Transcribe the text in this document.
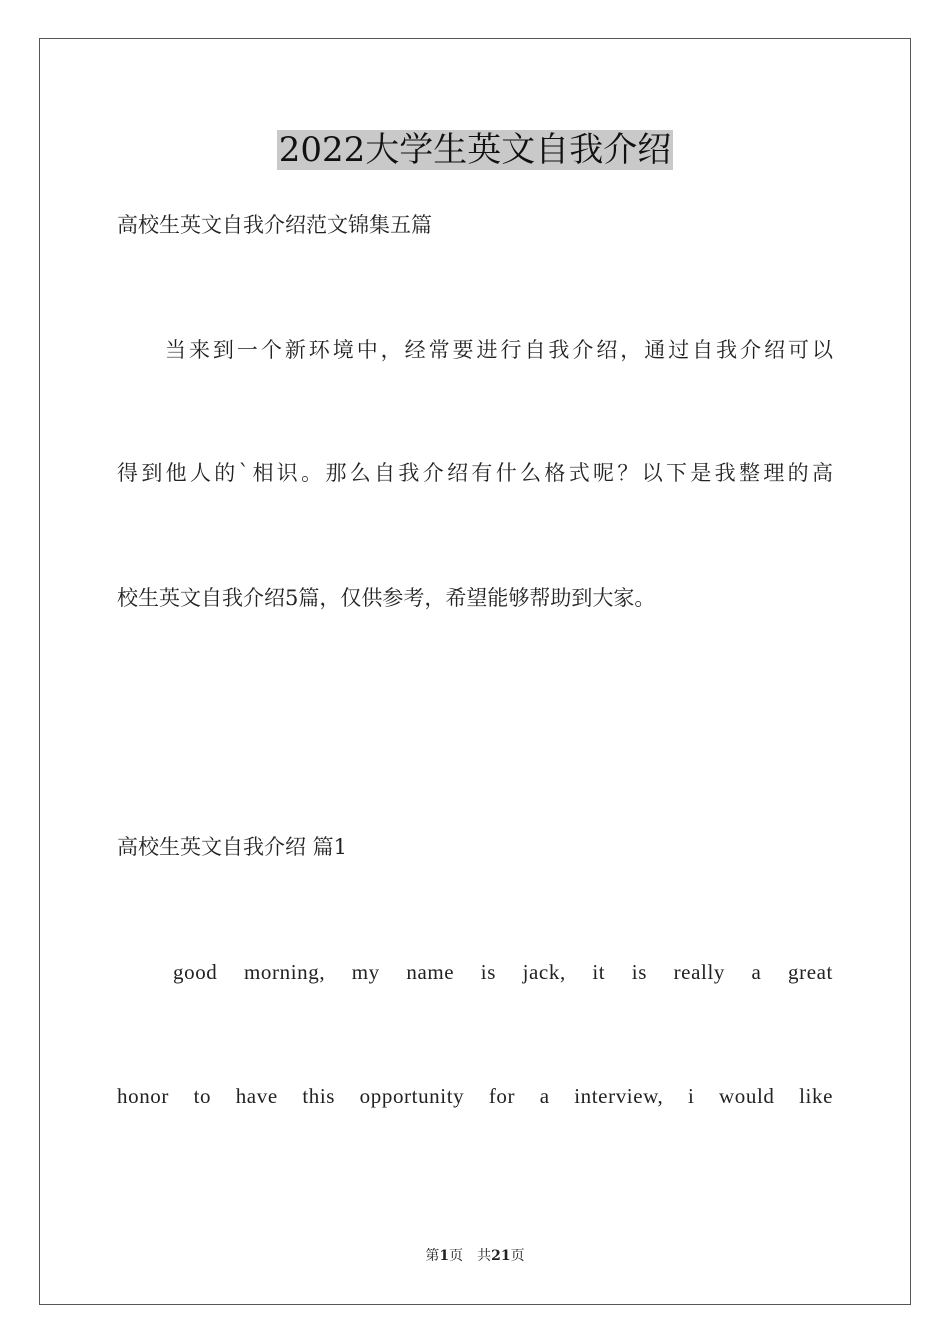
2022大学生英文自我介绍
高校生英文自我介绍范文锦集五篇
当来到一个新环境中，经常要进行自我介绍，通过自我介绍可以
得到他人的`相识。那么自我介绍有什么格式呢？以下是我整理的高
校生英文自我介绍5篇，仅供参考，希望能够帮助到大家。
高校生英文自我介绍 篇1
good morning, my name is jack, it is really a great
honor to have this opportunity for a interview, i would like
第1页　共21页
